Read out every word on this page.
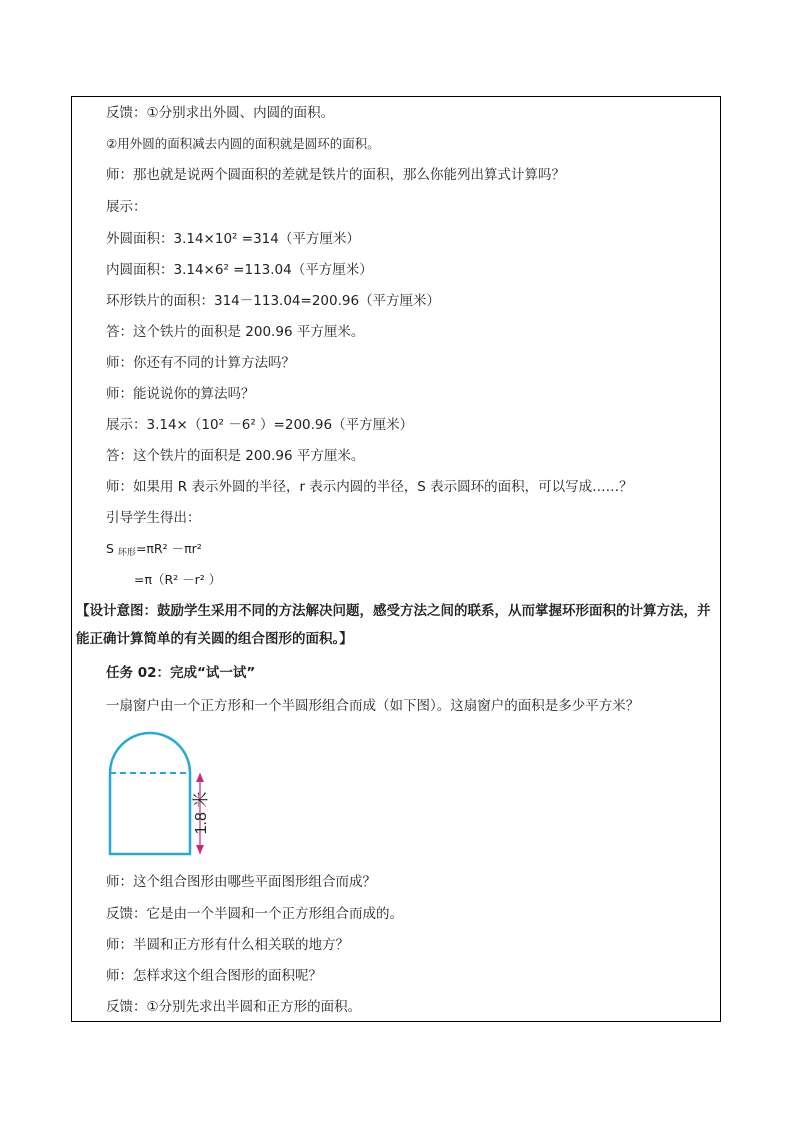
反馈：①分别求出外圆、内圆的面积。
②用外圆的面积减去内圆的面积就是圆环的面积。
师：那也就是说两个圆面积的差就是铁片的面积，那么你能列出算式计算吗？
展示：
外圆面积：3.14×10² =314（平方厘米）
内圆面积：3.14×6² =113.04（平方厘米）
环形铁片的面积：314－113.04=200.96（平方厘米）
答：这个铁片的面积是 200.96 平方厘米。
师：你还有不同的计算方法吗？
师：能说说你的算法吗？
展示：3.14×（10² －6² ）=200.96（平方厘米）
答：这个铁片的面积是 200.96 平方厘米。
师：如果用 R 表示外圆的半径，r 表示内圆的半径，S 表示圆环的面积，可以写成……？
引导学生得出：
S $_{环形}$=πR² －πr²
=π（R² －r² ）
【设计意图：鼓励学生采用不同的方法解决问题，感受方法之间的联系，从而掌握环形面积的计算方法，并能正确计算简单的有关圆的组合图形的面积。】
任务 02：完成“试一试”
一扇窗户由一个正方形和一个半圆形组合而成（如下图）。这扇窗户的面积是多少平方米？
1.8 米
师：这个组合图形由哪些平面图形组合而成？
反馈：它是由一个半圆和一个正方形组合而成的。
师：半圆和正方形有什么相关联的地方？
师：怎样求这个组合图形的面积呢？
反馈：①分别先求出半圆和正方形的面积。
